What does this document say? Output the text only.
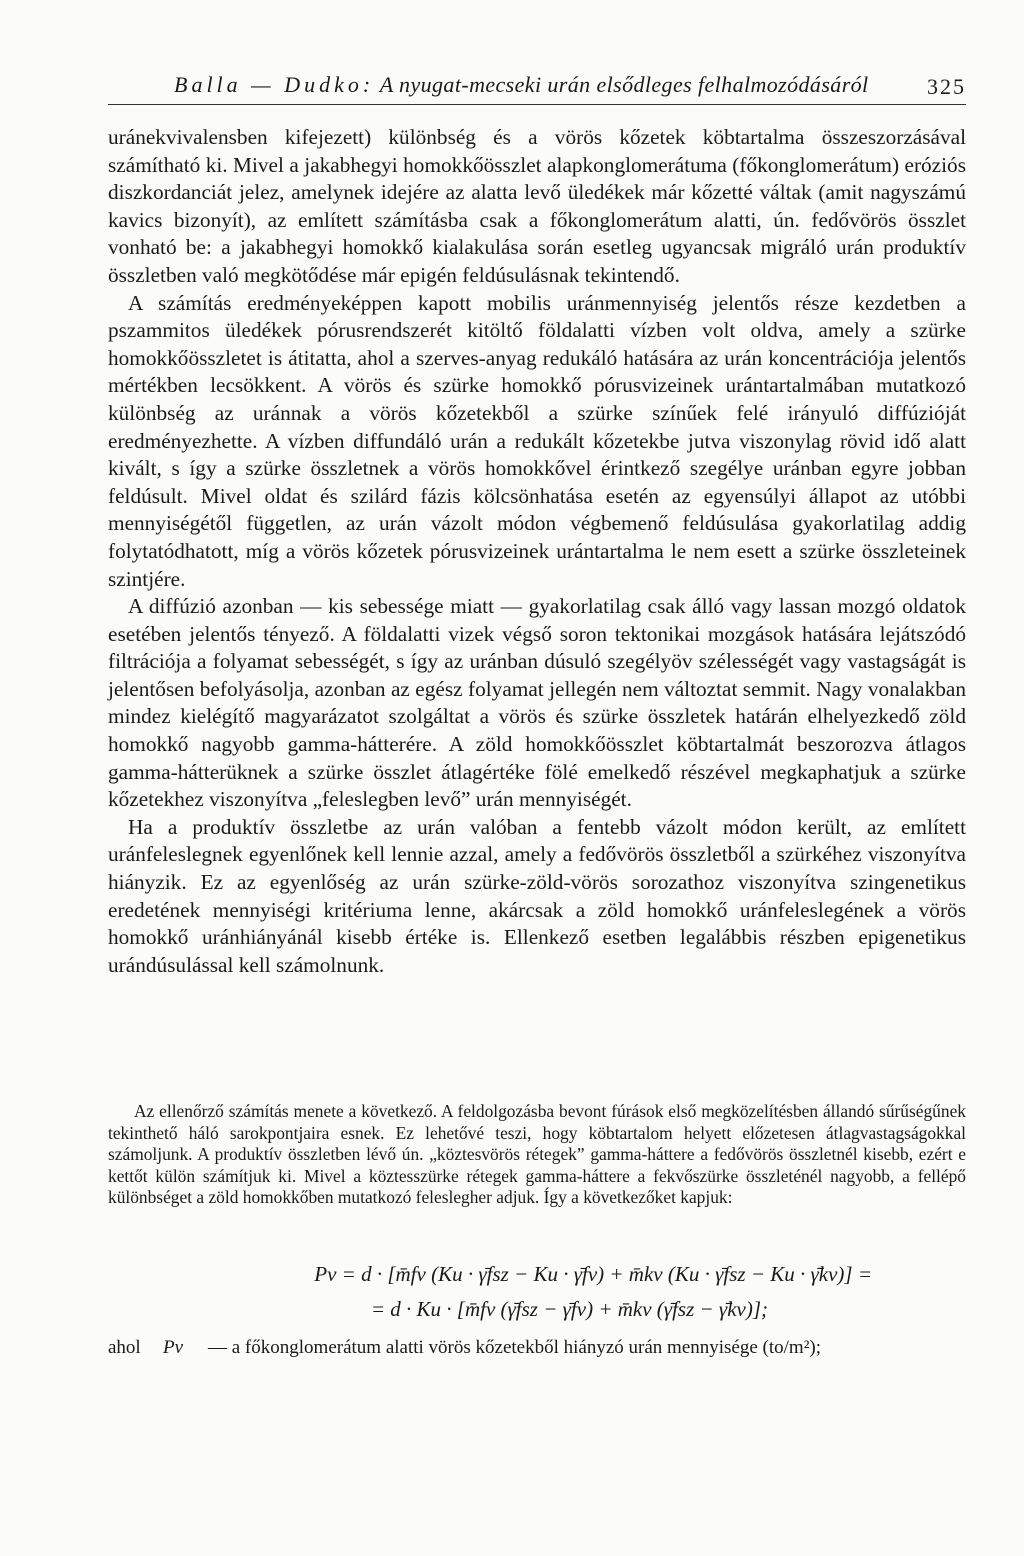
Balla — Dudko: A nyugat-mecseki urán elsődleges felhalmozódásáról	325

uránekvivalensben kifejezett) különbség és a vörös kőzetek köbtartalma összeszorzásával számítható ki. Mivel a jakabhegyi homokkőösszlet alapkonglomerátuma (főkonglomerátum) eróziós diszkordanciát jelez, amelynek idejére az alatta levő üledékek már kőzetté váltak (amit nagyszámú kavics bizonyít), az említett számításba csak a főkonglomerátum alatti, ún. fedővörös összlet vonható be: a jakabhegyi homokkő kialakulása során esetleg ugyancsak migráló urán produktív összletben való megkötődése már epigén feldúsulásnak tekintendő.

A számítás eredményeképpen kapott mobilis uránmennyiség jelentős része kezdetben a pszammitos üledékek pórusrendszerét kitöltő földalatti vízben volt oldva, amely a szürke homokkőösszletet is átitatta, ahol a szerves-anyag redukáló hatására az urán koncentrációja jelentős mértékben lecsökkent. A vörös és szürke homokkő pórusvizeinek urántartalmában mutatkozó különbség az uránnak a vörös kőzetekből a szürke színűek felé irányuló diffúzióját eredményezhette. A vízben diffundáló urán a redukált kőzetekbe jutva viszonylag rövid idő alatt kivált, s így a szürke összletnek a vörös homokkővel érintkező szegélye uránban egyre jobban feldúsult. Mivel oldat és szilárd fázis kölcsönhatása esetén az egyensúlyi állapot az utóbbi mennyiségétől független, az urán vázolt módon végbemenő feldúsulása gyakorlatilag addig folytatódhatott, míg a vörös kőzetek pórusvizeinek urántartalma le nem esett a szürke összleteinek szintjére.

A diffúzió azonban — kis sebessége miatt — gyakorlatilag csak álló vagy lassan mozgó oldatok esetében jelentős tényező. A földalatti vizek végső soron tektonikai mozgások hatására lejátszódó filtrációja a folyamat sebességét, s így az uránban dúsuló szegélyöv szélességét vagy vastagságát is jelentősen befolyásolja, azonban az egész folyamat jellegén nem változtat semmit. Nagy vonalakban mindez kielégítő magyarázatot szolgáltat a vörös és szürke összletek határán elhelyezkedő zöld homokkő nagyobb gamma-hátterére. A zöld homokkőösszlet köbtartalmát beszorozva átlagos gamma-hátterüknek a szürke összlet átlagértéke fölé emelkedő részével megkaphatjuk a szürke kőzetekhez viszonyítva „feleslegben levő” urán mennyiségét.

Ha a produktív összletbe az urán valóban a fentebb vázolt módon került, az említett uránfeleslegnek egyenlőnek kell lennie azzal, amely a fedővörös összletből a szürkéhez viszonyítva hiányzik. Ez az egyenlőség az urán szürke-zöld-vörös sorozathoz viszonyítva szingenetikus eredetének mennyiségi kritériuma lenne, akárcsak a zöld homokkő uránfeleslegének a vörös homokkő uránhiányánál kisebb értéke is. Ellenkező esetben legalábbis részben epigenetikus urándúsulással kell számolnunk.

Az ellenőrző számítás menete a következő. A feldolgozásba bevont fúrások első megközelítésben állandó sűrűségűnek tekinthető háló sarokpontjaira esnek. Ez lehetővé teszi, hogy köbtartalom helyett előzetesen átlagvastagságokkal számoljunk. A produktív összletben lévő ún. „köztesvörös rétegek” gamma-háttere a fedővörös összletnél kisebb, ezért e kettőt külön számítjuk ki. Mivel a köztesszürke rétegek gamma-háttere a fekvőszürke összleténél nagyobb, a fellépő különbséget a zöld homokkőben mutatkozó feleslegher adjuk. Így a következőket kapjuk:

Pv = d · [m̄fv (Ku · γ̄fsz − Ku · γ̄fv) + m̄kv (Ku · γ̄fsz − Ku · γ̄kv)] =
= d · Ku · [m̄fv (γ̄fsz − γ̄fv) + m̄kv (γ̄fsz − γ̄kv)];
ahol Pv — a főkonglomerátum alatti vörös kőzetekből hiányzó urán mennyisége (to/m²);
